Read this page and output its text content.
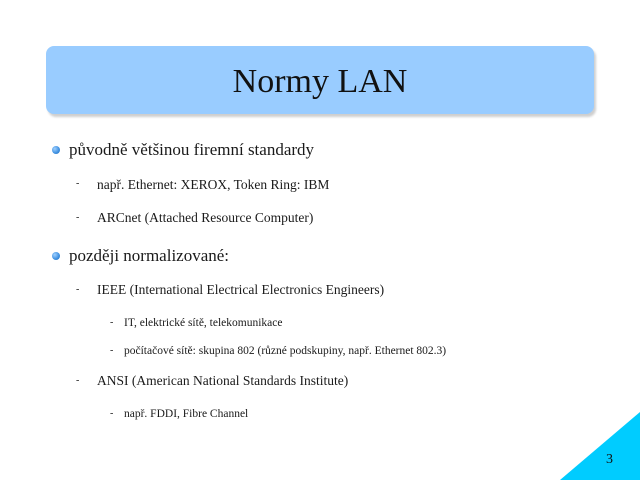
Normy LAN
původně většinou firemní standardy
- např. Ethernet: XEROX, Token Ring: IBM
- ARCnet (Attached Resource Computer)
později normalizované:
- IEEE (International Electrical Electronics Engineers)
- IT, elektrické sítě, telekomunikace
- počítačové sítě: skupina 802 (různé podskupiny, např. Ethernet 802.3)
- ANSI (American National Standards Institute)
- např. FDDI, Fibre Channel
3
